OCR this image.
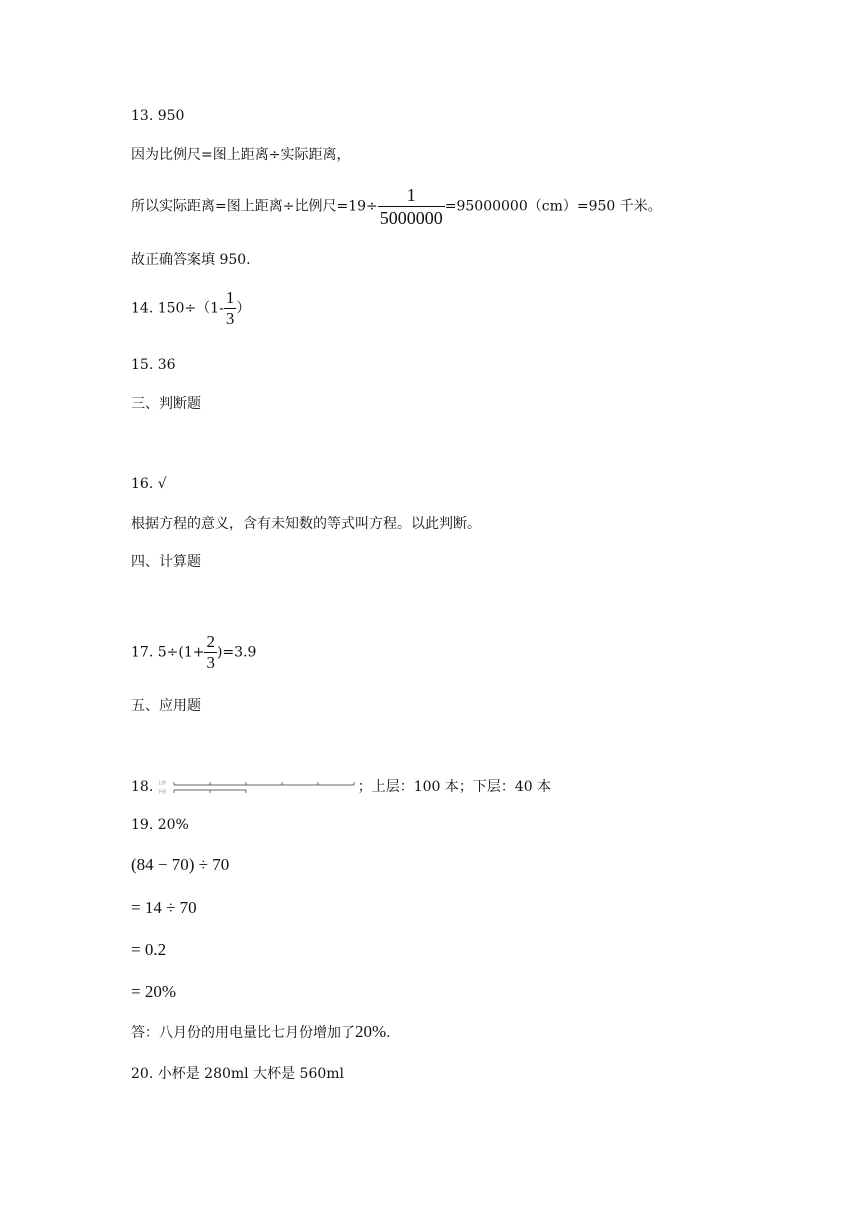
13. 950
因为比例尺=图上距离÷实际距离，
所以实际距离=图上距离÷比例尺$=19\div \frac{1}{5000000} =95000000(cm)=950$ 千米。
故正确答案填 950.
14. $150\div(1- \frac{1}{3}$ ）
15. 36
三、判断题
16. √
根据方程的意义，含有未知数的等式叫方程。以此判断。
四、计算题
17. $5\div(1+ \frac{2}{3} )=3.9$
五、应用题
18. 上层
下层	；上层：100 本；下层：40 本
19. 20%
(84 − 70) ÷ 70
= 14 ÷ 70
= 0.2
= 20%
答：八月份的用电量比七月份增加了20%.
20. 小杯是 280ml 大杯是 560ml
